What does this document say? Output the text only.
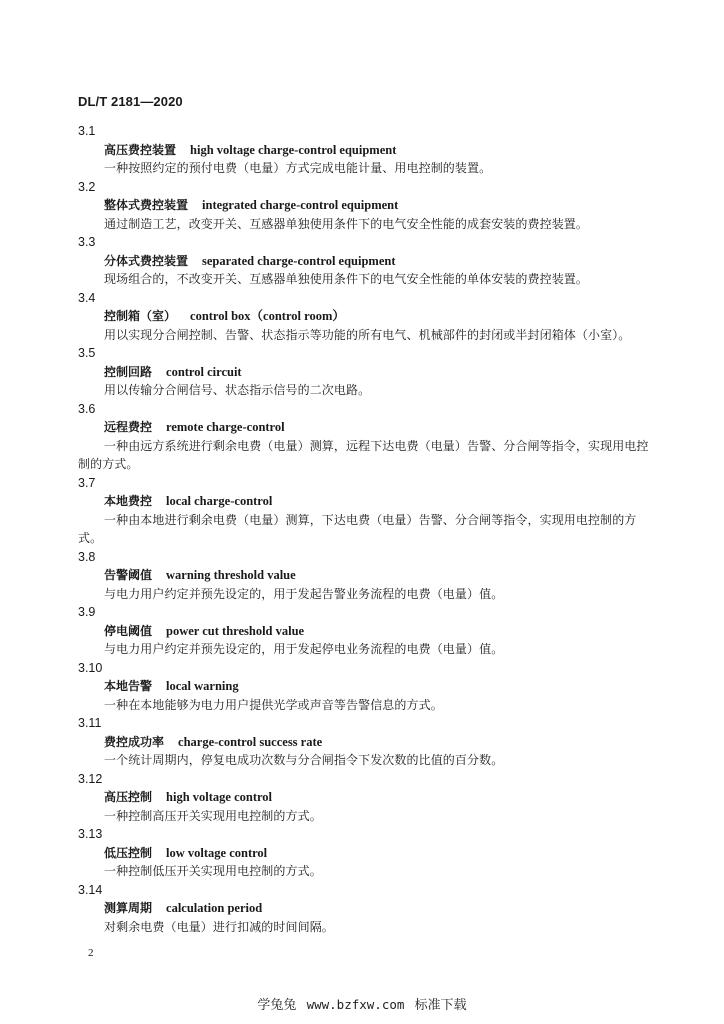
DL/T 2181—2020
3.1
高压费控装置 high voltage charge-control equipment
一种按照约定的预付电费（电量）方式完成电能计量、用电控制的装置。
3.2
整体式费控装置 integrated charge-control equipment
通过制造工艺，改变开关、互感器单独使用条件下的电气安全性能的成套安装的费控装置。
3.3
分体式费控装置 separated charge-control equipment
现场组合的，不改变开关、互感器单独使用条件下的电气安全性能的单体安装的费控装置。
3.4
控制箱（室） control box（control room）
用以实现分合闸控制、告警、状态指示等功能的所有电气、机械部件的封闭或半封闭箱体（小室）。
3.5
控制回路 control circuit
用以传输分合闸信号、状态指示信号的二次电路。
3.6
远程费控 remote charge-control
一种由远方系统进行剩余电费（电量）测算，远程下达电费（电量）告警、分合闸等指令，实现用电控制的方式。
3.7
本地费控 local charge-control
一种由本地进行剩余电费（电量）测算，下达电费（电量）告警、分合闸等指令，实现用电控制的方式。
3.8
告警阈值 warning threshold value
与电力用户约定并预先设定的，用于发起告警业务流程的电费（电量）值。
3.9
停电阈值 power cut threshold value
与电力用户约定并预先设定的，用于发起停电业务流程的电费（电量）值。
3.10
本地告警 local warning
一种在本地能够为电力用户提供光学或声音等告警信息的方式。
3.11
费控成功率 charge-control success rate
一个统计周期内，停复电成功次数与分合闸指令下发次数的比值的百分数。
3.12
高压控制 high voltage control
一种控制高压开关实现用电控制的方式。
3.13
低压控制 low voltage control
一种控制低压开关实现用电控制的方式。
3.14
测算周期 calculation period
对剩余电费（电量）进行扣减的时间间隔。
2
学兔兔 www.bzfxw.com 标准下载
